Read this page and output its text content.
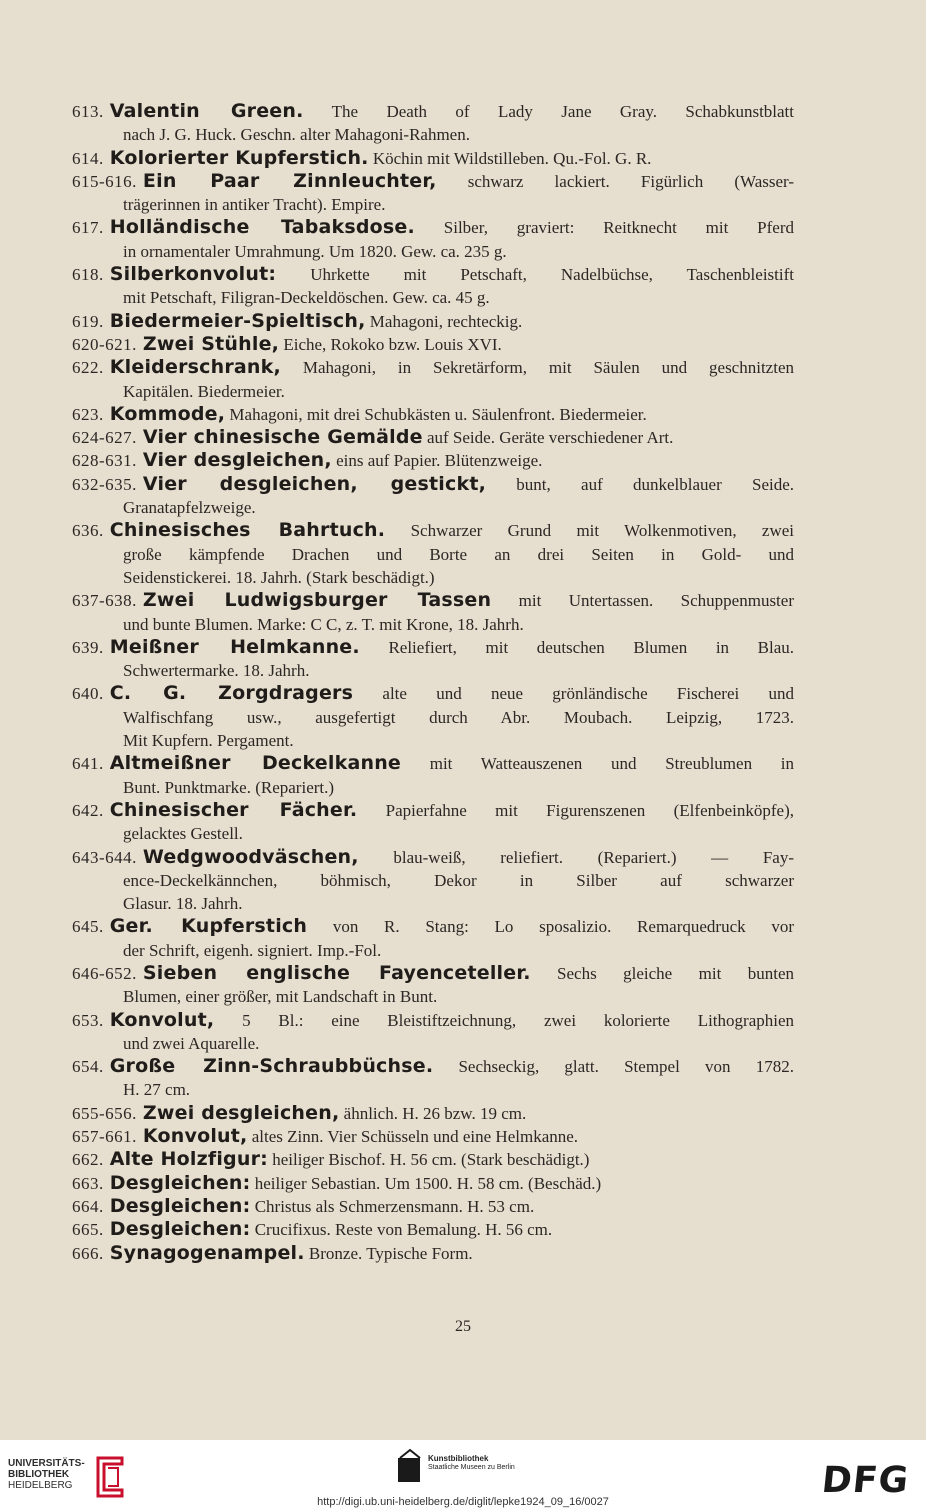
613. Valentin Green. The Death of Lady Jane Gray. Schabkunstblatt
nach J. G. Huck. Geschn. alter Mahagoni-Rahmen.
614. Kolorierter Kupferstich. Köchin mit Wildstilleben. Qu.-Fol. G. R.
615-616. Ein Paar Zinnleuchter, schwarz lackiert. Figürlich (Wasser-
trägerinnen in antiker Tracht). Empire.
617. Holländische Tabaksdose. Silber, graviert: Reitknecht mit Pferd
in ornamentaler Umrahmung. Um 1820. Gew. ca. 235 g.
618. Silberkonvolut: Uhrkette mit Petschaft, Nadelbüchse, Taschenbleistift
mit Petschaft, Filigran-Deckeldöschen. Gew. ca. 45 g.
619. Biedermeier-Spieltisch, Mahagoni, rechteckig.
620-621. Zwei Stühle, Eiche, Rokoko bzw. Louis XVI.
622. Kleiderschrank, Mahagoni, in Sekretärform, mit Säulen und geschnitzten
Kapitälen. Biedermeier.
623. Kommode, Mahagoni, mit drei Schubkästen u. Säulenfront. Biedermeier.
624-627. Vier chinesische Gemälde auf Seide. Geräte verschiedener Art.
628-631. Vier desgleichen, eins auf Papier. Blütenzweige.
632-635. Vier desgleichen, gestickt, bunt, auf dunkelblauer Seide.
Granatapfelzweige.
636. Chinesisches Bahrtuch. Schwarzer Grund mit Wolkenmotiven, zwei
große kämpfende Drachen und Borte an drei Seiten in Gold- und
Seidenstickerei. 18. Jahrh. (Stark beschädigt.)
637-638. Zwei Ludwigsburger Tassen mit Untertassen. Schuppenmuster
und bunte Blumen. Marke: C C, z. T. mit Krone, 18. Jahrh.
639. Meißner Helmkanne. Reliefiert, mit deutschen Blumen in Blau.
Schwertermarke. 18. Jahrh.
640. C. G. Zorgdragers alte und neue grönländische Fischerei und
Walfischfang usw., ausgefertigt durch Abr. Moubach. Leipzig, 1723.
Mit Kupfern. Pergament.
641. Altmeißner Deckelkanne mit Watteauszenen und Streublumen in
Bunt. Punktmarke. (Repariert.)
642. Chinesischer Fächer. Papierfahne mit Figurenszenen (Elfenbeinköpfe),
gelacktes Gestell.
643-644. Wedgwoodväschen, blau-weiß, reliefiert. (Repariert.) — Fay-
ence-Deckelkännchen, böhmisch, Dekor in Silber auf schwarzer
Glasur. 18. Jahrh.
645. Ger. Kupferstich von R. Stang: Lo sposalizio. Remarquedruck vor
der Schrift, eigenh. signiert. Imp.-Fol.
646-652. Sieben englische Fayenceteller. Sechs gleiche mit bunten
Blumen, einer größer, mit Landschaft in Bunt.
653. Konvolut, 5 Bl.: eine Bleistiftzeichnung, zwei kolorierte Lithographien
und zwei Aquarelle.
654. Große Zinn-Schraubbüchse. Sechseckig, glatt. Stempel von 1782.
H. 27 cm.
655-656. Zwei desgleichen, ähnlich. H. 26 bzw. 19 cm.
657-661. Konvolut, altes Zinn. Vier Schüsseln und eine Helmkanne.
662. Alte Holzfigur: heiliger Bischof. H. 56 cm. (Stark beschädigt.)
663. Desgleichen: heiliger Sebastian. Um 1500. H. 58 cm. (Beschäd.)
664. Desgleichen: Christus als Schmerzensmann. H. 53 cm.
665. Desgleichen: Crucifixus. Reste von Bemalung. H. 56 cm.
666. Synagogenampel. Bronze. Typische Form.
25
UNIVERSITÄTS-
BIBLIOTHEK
HEIDELBERG
Kunstbibliothek
Staatliche Museen zu Berlin	DFG
http://digi.ub.uni-heidelberg.de/diglit/lepke1924_09_16/0027
